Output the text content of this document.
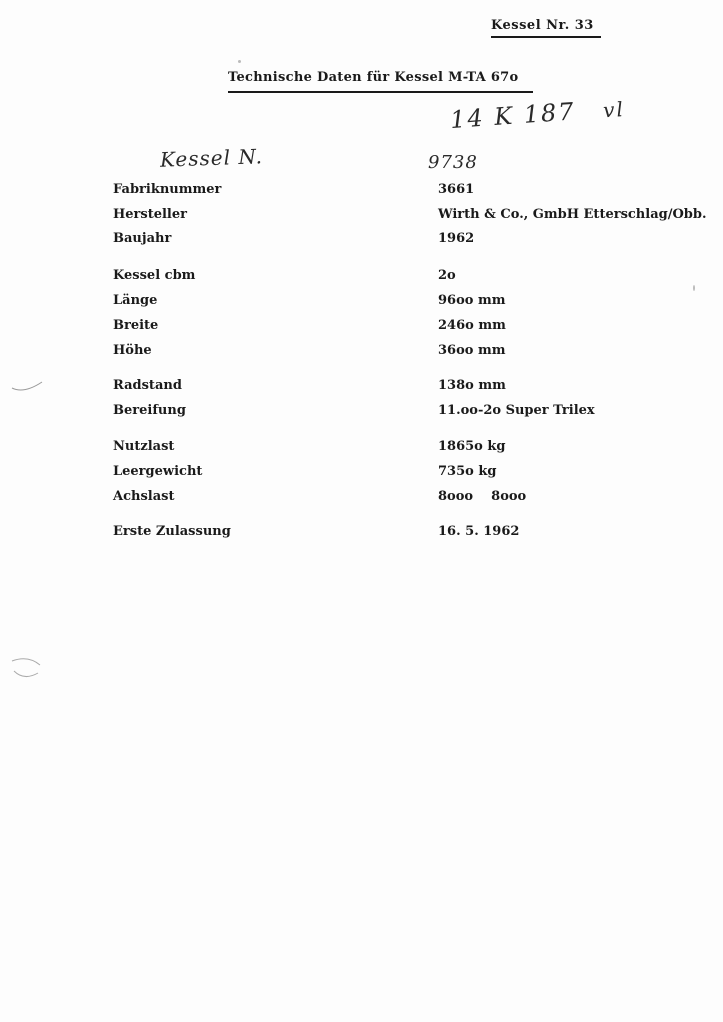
Kessel Nr. 33
Technische Daten für Kessel M-TA 67o
14 K 187 vl
Kessel N.	9738
Fabriknummer	3661
Hersteller	Wirth & Co., GmbH Etterschlag/Obb.
Baujahr	1962
Kessel cbm	2o
Länge	96oo mm
Breite	246o mm
Höhe	36oo mm
Radstand	138o mm
Bereifung	11.oo-2o Super Trilex
Nutzlast	1865o kg
Leergewicht	735o kg
Achslast	8ooo    8ooo
Erste Zulassung	16. 5. 1962
